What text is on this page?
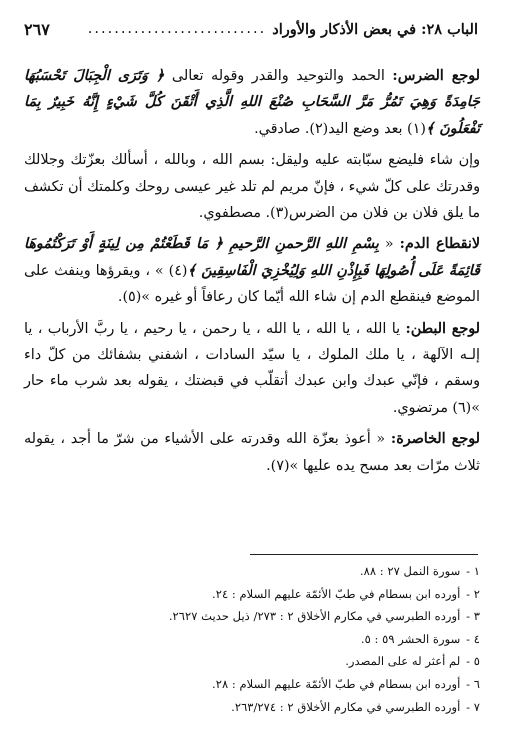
الباب ٢٨: في بعض الأذكار والأوراد
...........................
٢٦٧

لوجع الضرس: الحمد والتوحيد والقدر وقوله تعالى ﴿ وَتَرَى الْجِبَالَ تَحْسَبُهَا جَامِدَةً وَهِيَ تَمُرُّ مَرَّ السَّحَابِ صُنْعَ اللهِ الَّذِي أَتْقَنَ كُلَّ شَيْءٍ إِنَّهُ خَبِيرٌ بِمَا تَفْعَلُونَ ﴾(١) بعد وضع اليد(٢). صادقي.

وإن شاء فليضع سبّابته عليه وليقل: بسم الله ، وبالله ، أسألك بعزّتك وجلالك وقدرتك على كلّ شيء ، فإنّ مريم لم تلد غير عيسى روحك وكلمتك أن تكشف ما يلق فلان بن فلان من الضرس(٣). مصطفوي.

لانقطاع الدم: « بِسْمِ اللهِ الرَّحمنِ الرَّحيمِ ﴿ مَا قَطَعْتُمْ مِن لِينَةٍ أَوْ تَرَكْتُمُوهَا قَائِمَةً عَلَى أُصُولِهَا فَبِإِذْنِ اللهِ وَلِيُخْزِيَ الْفَاسِقِينَ ﴾(٤) » ، ويقرؤها وينفث على الموضع فينقطع الدم إن شاء الله أيّما كان رعافاً أو غيره »(٥).

لوجع البطن: يا الله ، يا الله ، يا الله ، يا رحمن ، يا رحيم ، يا ربَّ الأرباب ، يا إلـه الآلهة ، يا ملك الملوك ، يا سيّد السادات ، اشفني بشفائك من كلّ داء وسقم ، فإنّي عبدك وابن عبدك أتقلّب في قبضتك ، يقوله بعد شرب ماء حار »(٦) مرتضوي.

لوجع الخاصرة: « أعوذ بعزّة الله وقدرته على الأشياء من شرّ ما أجد ، يقوله ثلاث مرّات بعد مسح يده عليها »(٧).

١ - سورة النمل ٢٧ : ٨٨.

٢ - أورده ابن بسطام في طبّ الأئمّة عليهم السلام : ٢٤.

٣ - أورده الطبرسي في مكارم الأخلاق ٢ : ٢٧٣/ ذيل حديث ٢٦٢٧.

٤ - سورة الحشر ٥٩ : ٥.

٥ - لم أعثر له على المصدر.

٦ - أورده ابن بسطام في طبّ الأئمّة عليهم السلام : ٢٨.

٧ - أورده الطبرسي في مكارم الأخلاق ٢ : ٢٦٣/٢٧٤.
